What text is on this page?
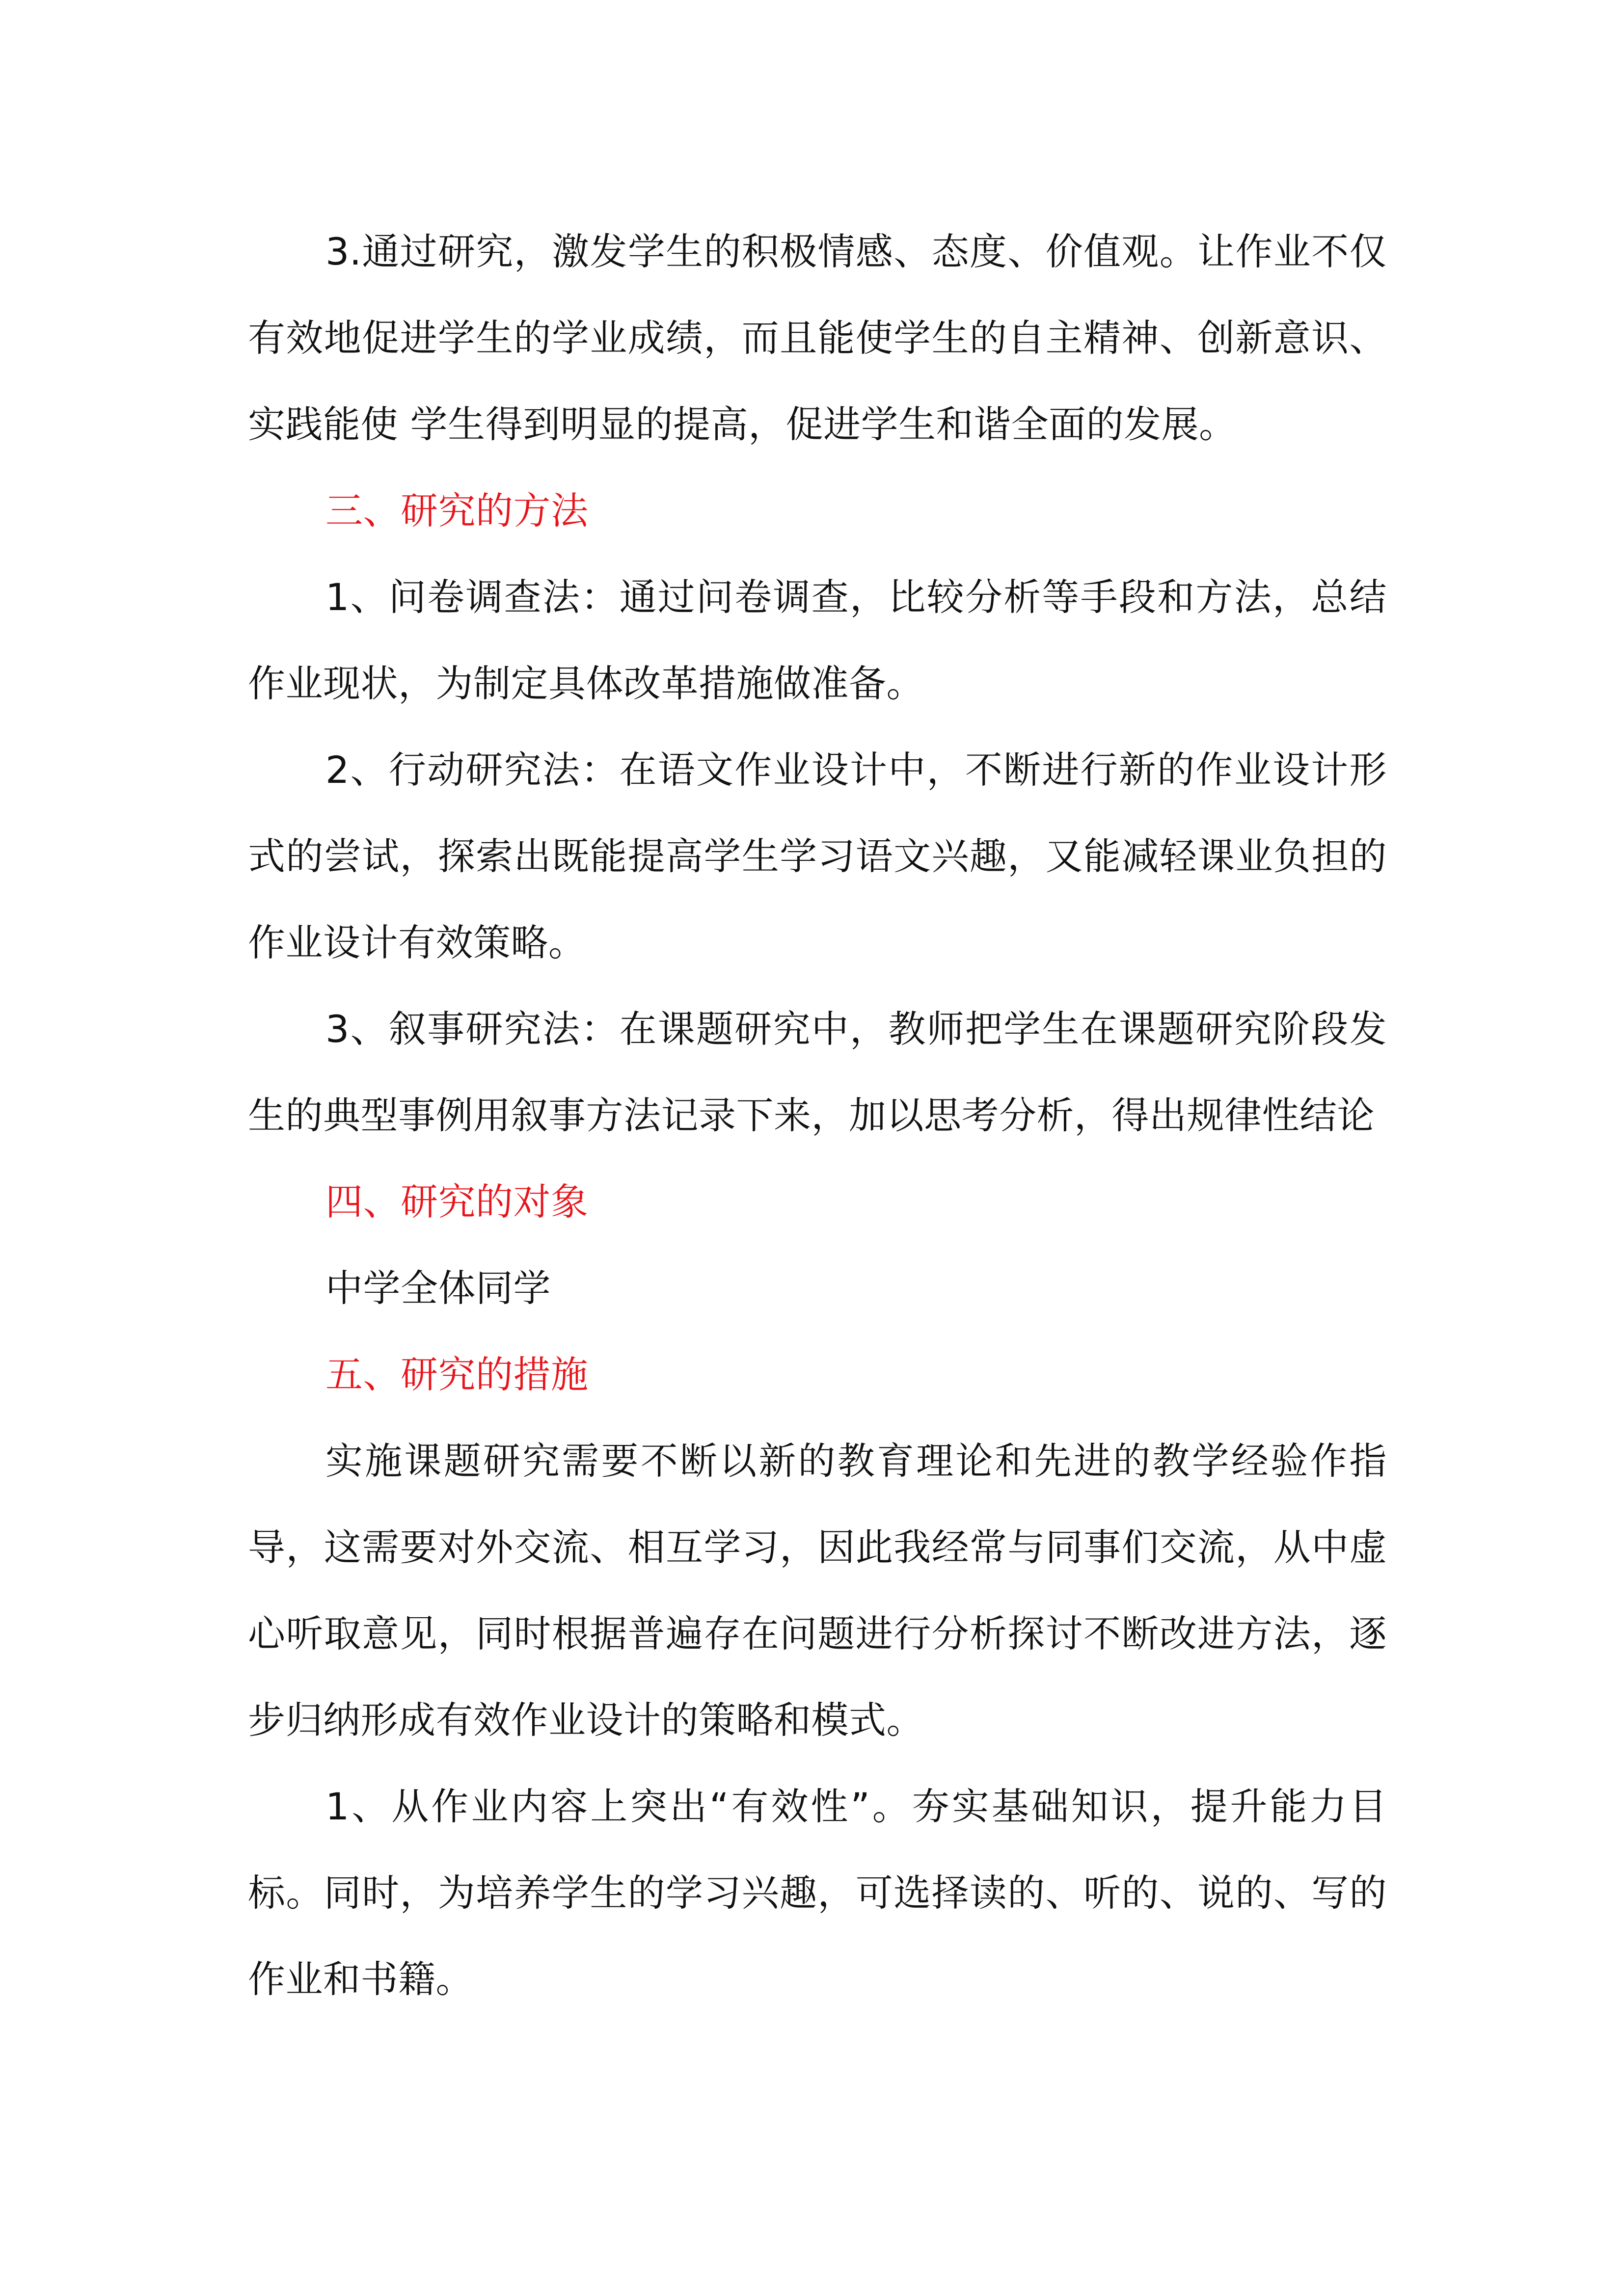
3.通过研究，激发学生的积极情感、态度、价值观。让作业不仅有效地促进学生的学业成绩，而且能使学生的自主精神、创新意识、实践能使 学生得到明显的提高，促进学生和谐全面的发展。

三、研究的方法

1、问卷调查法：通过问卷调查，比较分析等手段和方法，总结作业现状，为制定具体改革措施做准备。

2、行动研究法：在语文作业设计中，不断进行新的作业设计形式的尝试，探索出既能提高学生学习语文兴趣，又能减轻课业负担的作业设计有效策略。

3、叙事研究法：在课题研究中，教师把学生在课题研究阶段发生的典型事例用叙事方法记录下来，加以思考分析，得出规律性结论

四、研究的对象

中学全体同学

五、研究的措施

实施课题研究需要不断以新的教育理论和先进的教学经验作指导，这需要对外交流、相互学习，因此我经常与同事们交流，从中虚心听取意见，同时根据普遍存在问题进行分析探讨不断改进方法，逐步归纳形成有效作业设计的策略和模式。

1、从作业内容上突出“有效性”。夯实基础知识，提升能力目标。同时，为培养学生的学习兴趣，可选择读的、听的、说的、写的作业和书籍。
